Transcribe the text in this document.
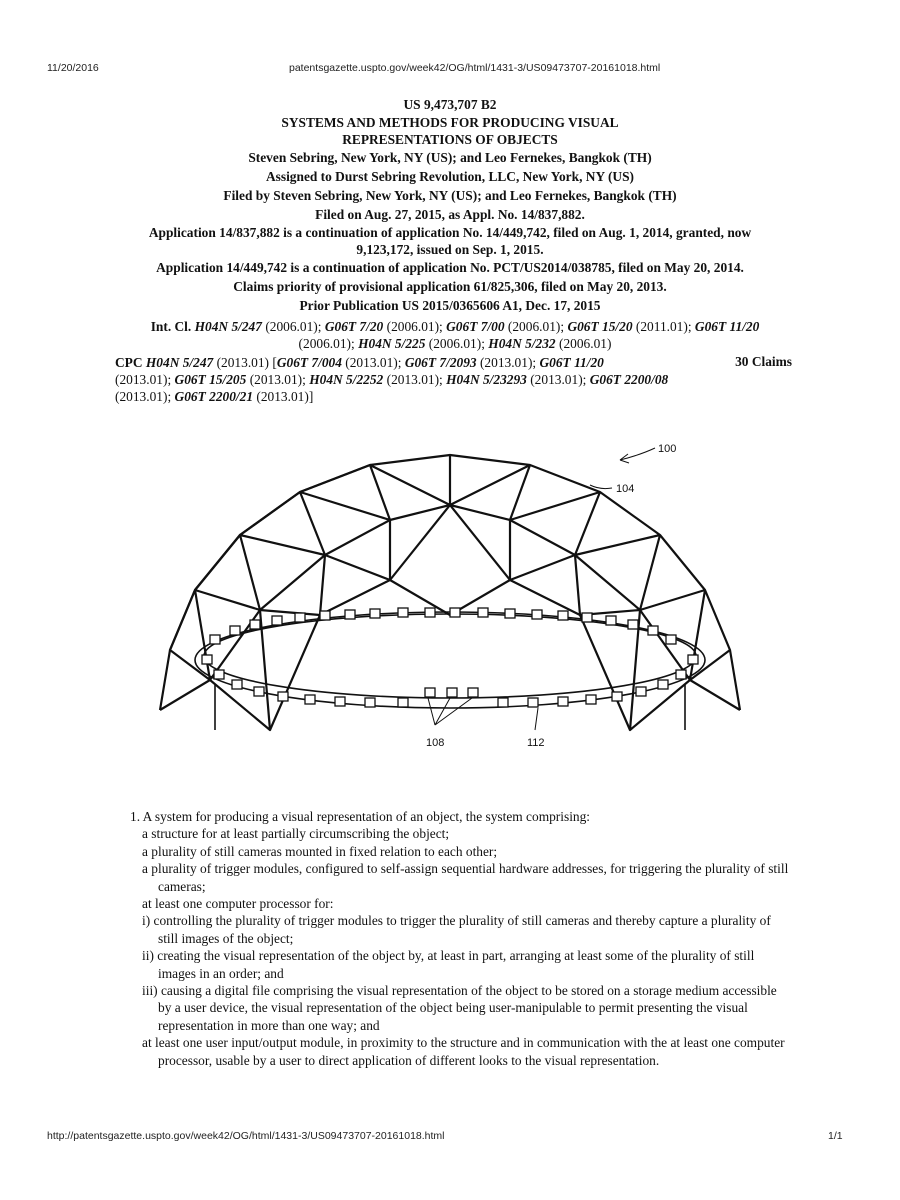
11/20/2016	patentsgazette.uspto.gov/week42/OG/html/1431-3/US09473707-20161018.html
US 9,473,707 B2
SYSTEMS AND METHODS FOR PRODUCING VISUAL
REPRESENTATIONS OF OBJECTS
Steven Sebring, New York, NY (US); and Leo Fernekes, Bangkok (TH)
Assigned to Durst Sebring Revolution, LLC, New York, NY (US)
Filed by Steven Sebring, New York, NY (US); and Leo Fernekes, Bangkok (TH)
Filed on Aug. 27, 2015, as Appl. No. 14/837,882.
Application 14/837,882 is a continuation of application No. 14/449,742, filed on Aug. 1, 2014, granted, now
9,123,172, issued on Sep. 1, 2015.
Application 14/449,742 is a continuation of application No. PCT/US2014/038785, filed on May 20, 2014.
Claims priority of provisional application 61/825,306, filed on May 20, 2013.
Prior Publication US 2015/0365606 A1, Dec. 17, 2015
Int. Cl. H04N 5/247 (2006.01); G06T 7/20 (2006.01); G06T 7/00 (2006.01); G06T 15/20 (2011.01); G06T 11/20
(2006.01); H04N 5/225 (2006.01); H04N 5/232 (2006.01)
CPC H04N 5/247 (2013.01) [G06T 7/004 (2013.01); G06T 7/2093 (2013.01); G06T 11/20
(2013.01); G06T 15/205 (2013.01); H04N 5/2252 (2013.01); H04N 5/23293 (2013.01); G06T 2200/08 (2013.01); G06T 2200/21 (2013.01)]
30 Claims
100
104
108	112

1. A system for producing a visual representation of an object, the system comprising:

a structure for at least partially circumscribing the object;

a plurality of still cameras mounted in fixed relation to each other;

a plurality of trigger modules, configured to self-assign sequential hardware addresses, for triggering the plurality of still cameras;

at least one computer processor for:

i) controlling the plurality of trigger modules to trigger the plurality of still cameras and thereby capture a plurality of still images of the object;

ii) creating the visual representation of the object by, at least in part, arranging at least some of the plurality of still images in an order; and

iii) causing a digital file comprising the visual representation of the object to be stored on a storage medium accessible by a user device, the visual representation of the object being user-manipulable to permit presenting the visual representation in more than one way; and

at least one user input/output module, in proximity to the structure and in communication with the at least one computer processor, usable by a user to direct application of different looks to the visual representation.

http://patentsgazette.uspto.gov/week42/OG/html/1431-3/US09473707-20161018.html	1/1
